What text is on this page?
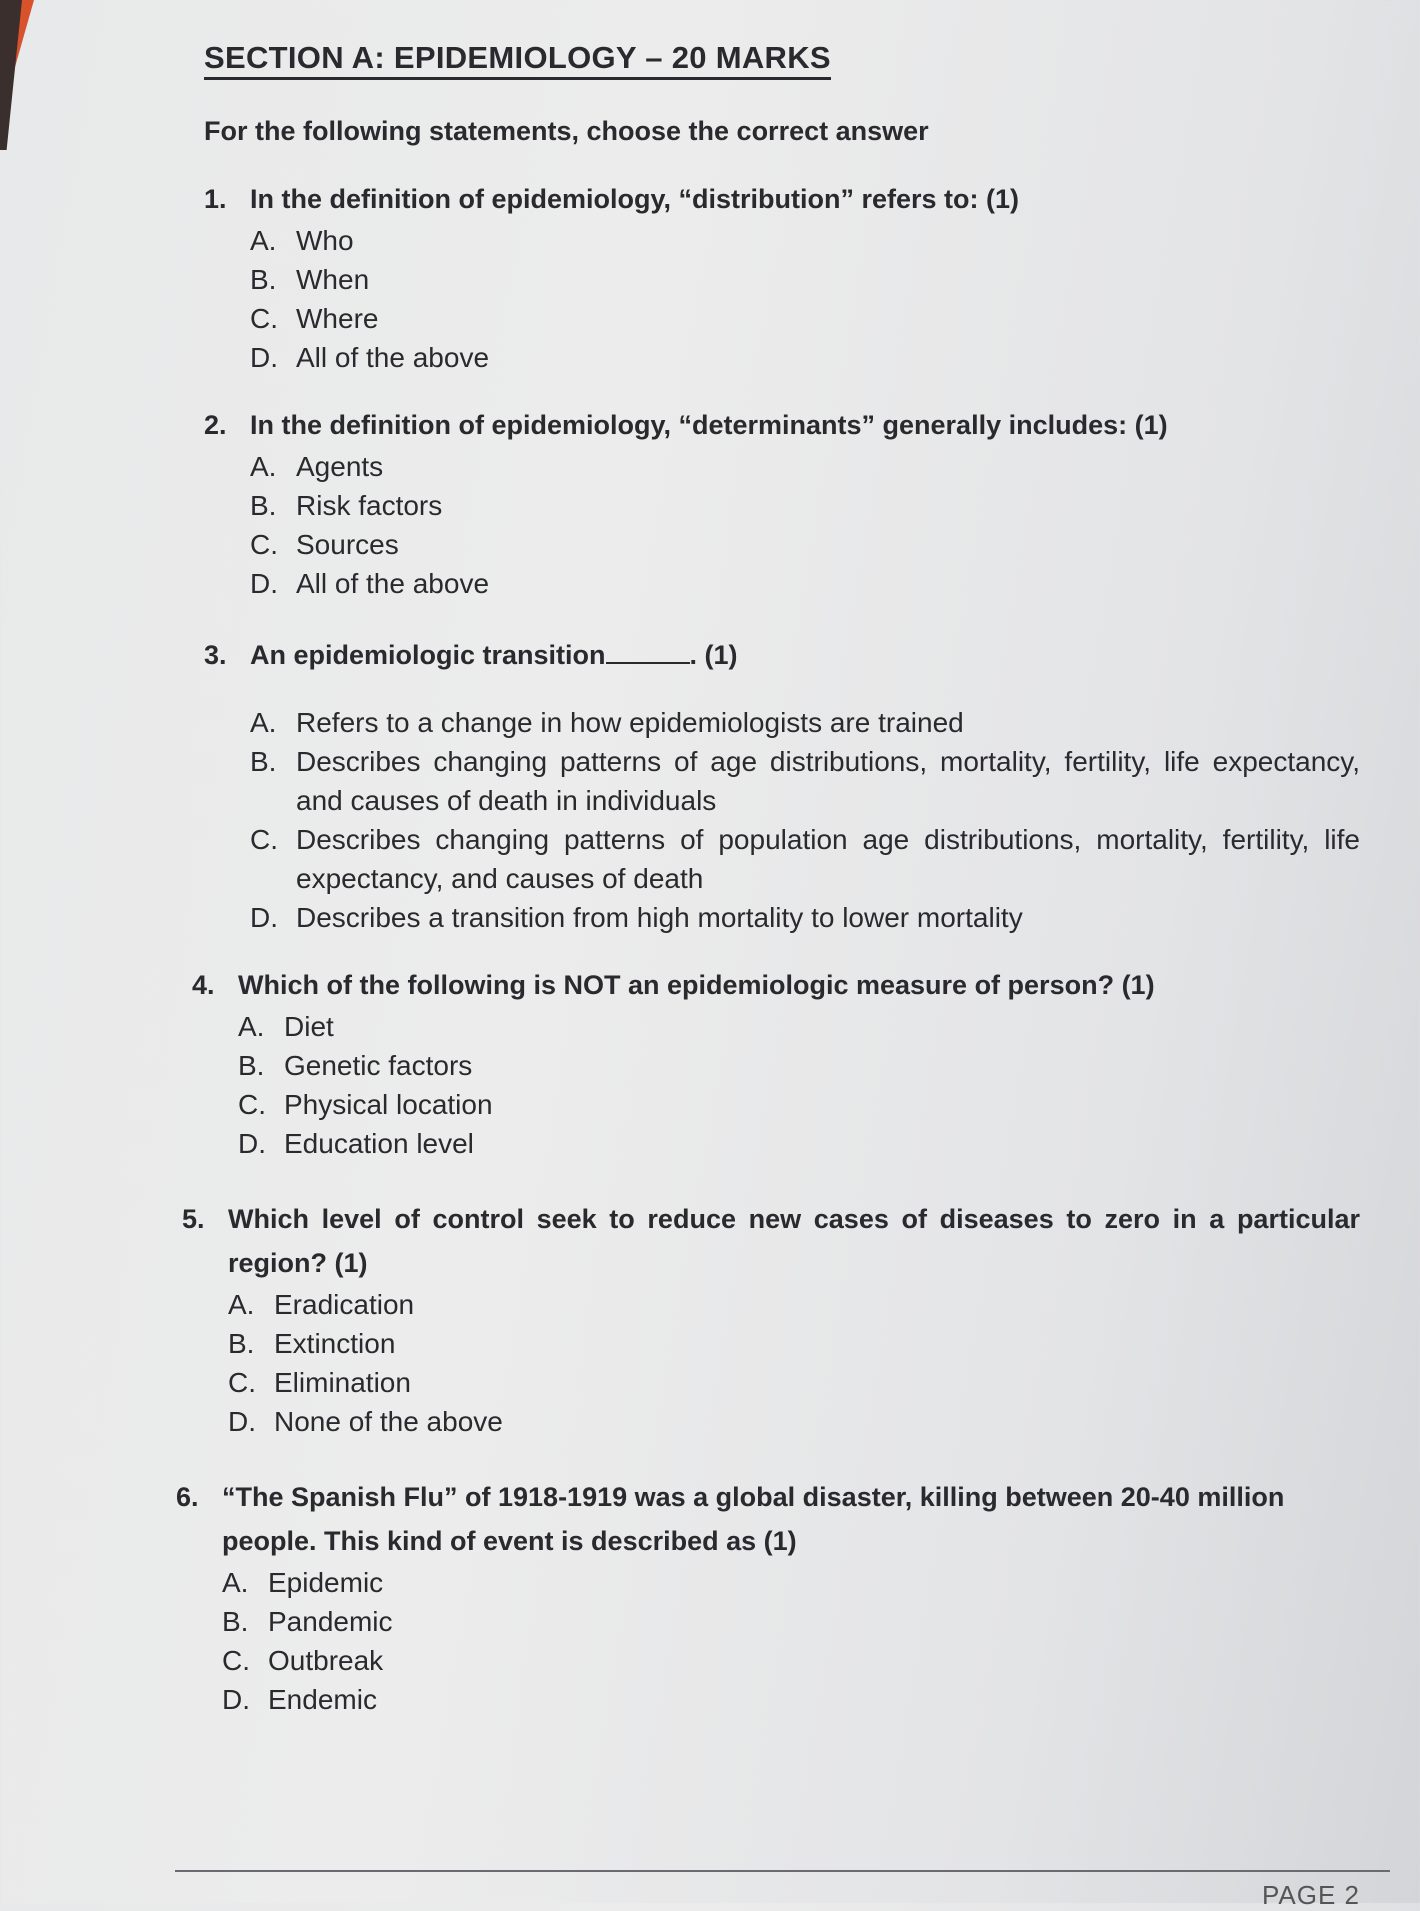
SECTION A: EPIDEMIOLOGY – 20 MARKS
For the following statements, choose the correct answer
1. In the definition of epidemiology, “distribution” refers to: (1)
A. Who
B. When
C. Where
D. All of the above
2. In the definition of epidemiology, “determinants” generally includes: (1)
A. Agents
B. Risk factors
C. Sources
D. All of the above
3. An epidemiologic transition	. (1)
A. Refers to a change in how epidemiologists are trained
B. Describes changing patterns of age distributions, mortality, fertility, life expectancy, and causes of death in individuals
C. Describes changing patterns of population age distributions, mortality, fertility, life expectancy, and causes of death
D. Describes a transition from high mortality to lower mortality
4. Which of the following is NOT an epidemiologic measure of person? (1)
A. Diet
B. Genetic factors
C. Physical location
D. Education level
5. Which level of control seek to reduce new cases of diseases to zero in a particular region? (1)
A. Eradication
B. Extinction
C. Elimination
D. None of the above
6. “The Spanish Flu” of 1918-1919 was a global disaster, killing between 20-40 million people. This kind of event is described as (1)
A. Epidemic
B. Pandemic
C. Outbreak
D. Endemic
PAGE 2
